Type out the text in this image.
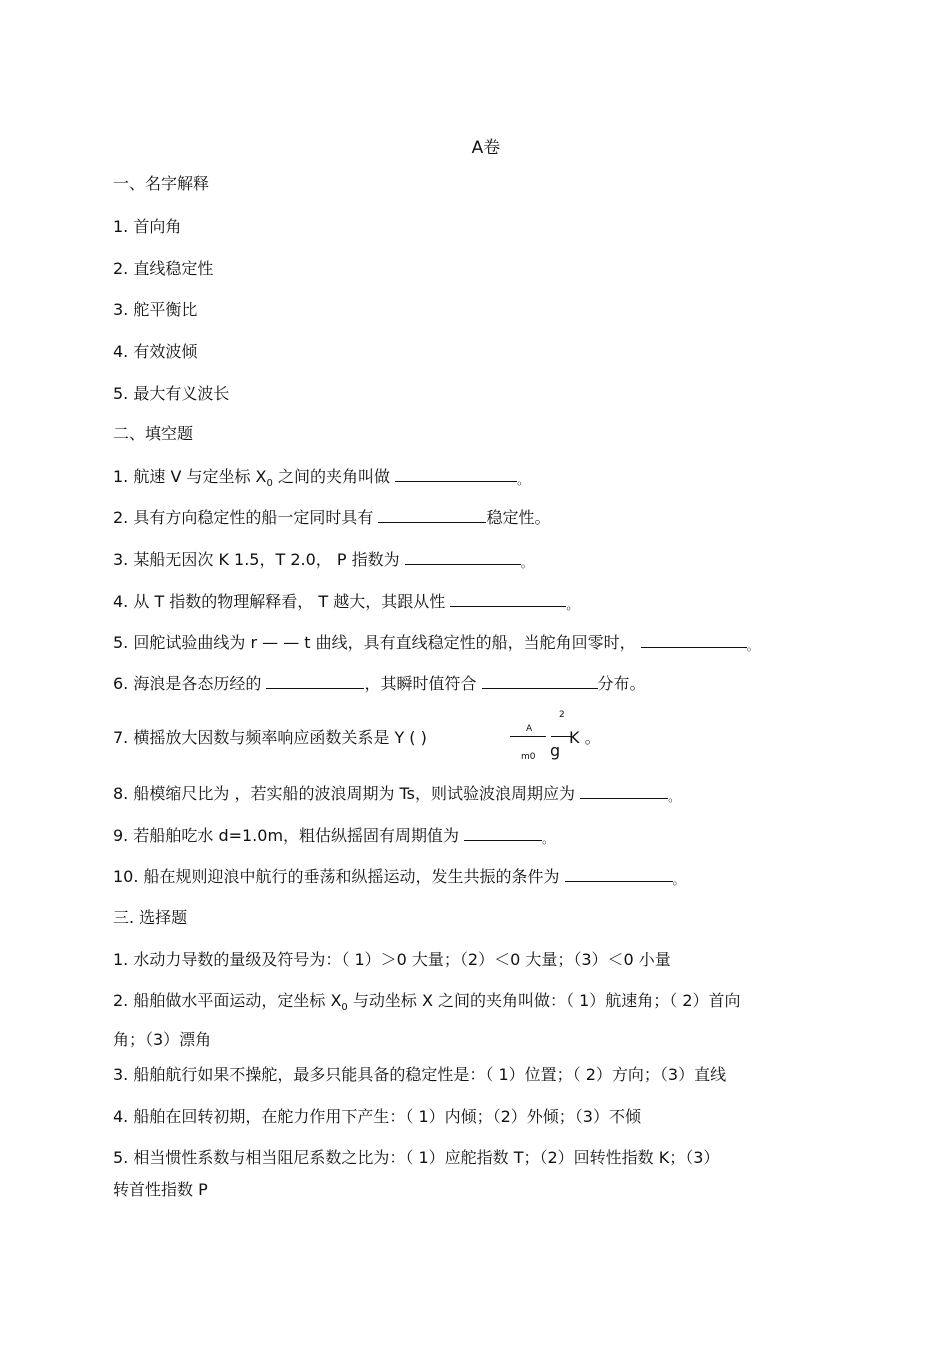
A卷
一、名字解释
1. 首向角
2. 直线稳定性
3. 舵平衡比
4. 有效波倾
5. 最大有义波长
二、填空题
1. 航速 V 与定坐标 $X_0$ 之间的夹角叫做	。
2. 具有方向稳定性的船一定同时具有	稳定性。
3. 某船无因次 K 1.5，T 2.0， P 指数为	。
4. 从 T 指数的物理解释看， T 越大，其跟从性	。
5. 回舵试验曲线为 r — — t 曲线，具有直线稳定性的船，当舵角回零时，	。
6. 海浪是各态历经的	，其瞬时值符合	分布。
7. 横摇放大因数与频率响应函数关系是 Y ( )	A
m0
2
g
K 。
8. 船模缩尺比为 ，若实船的波浪周期为 Ts，则试验波浪周期应为	。
9. 若船舶吃水 d=1.0m，粗估纵摇固有周期值为	。
10. 船在规则迎浪中航行的垂荡和纵摇运动，发生共振的条件为	。
三. 选择题
1. 水动力导数的量级及符号为：（ 1）＞0 大量；（2）＜0 大量；（3）＜0 小量
2. 船舶做水平面运动，定坐标 $X_0$ 与动坐标 X 之间的夹角叫做：（ 1）航速角；（ 2）首向
角；（3）漂角
3. 船舶航行如果不操舵，最多只能具备的稳定性是：（ 1）位置；（ 2）方向；（3）直线
4. 船舶在回转初期，在舵力作用下产生：（ 1）内倾；（2）外倾；（3）不倾
5. 相当惯性系数与相当阻尼系数之比为：（ 1）应舵指数 T；（2）回转性指数 K；（3）
转首性指数 P
